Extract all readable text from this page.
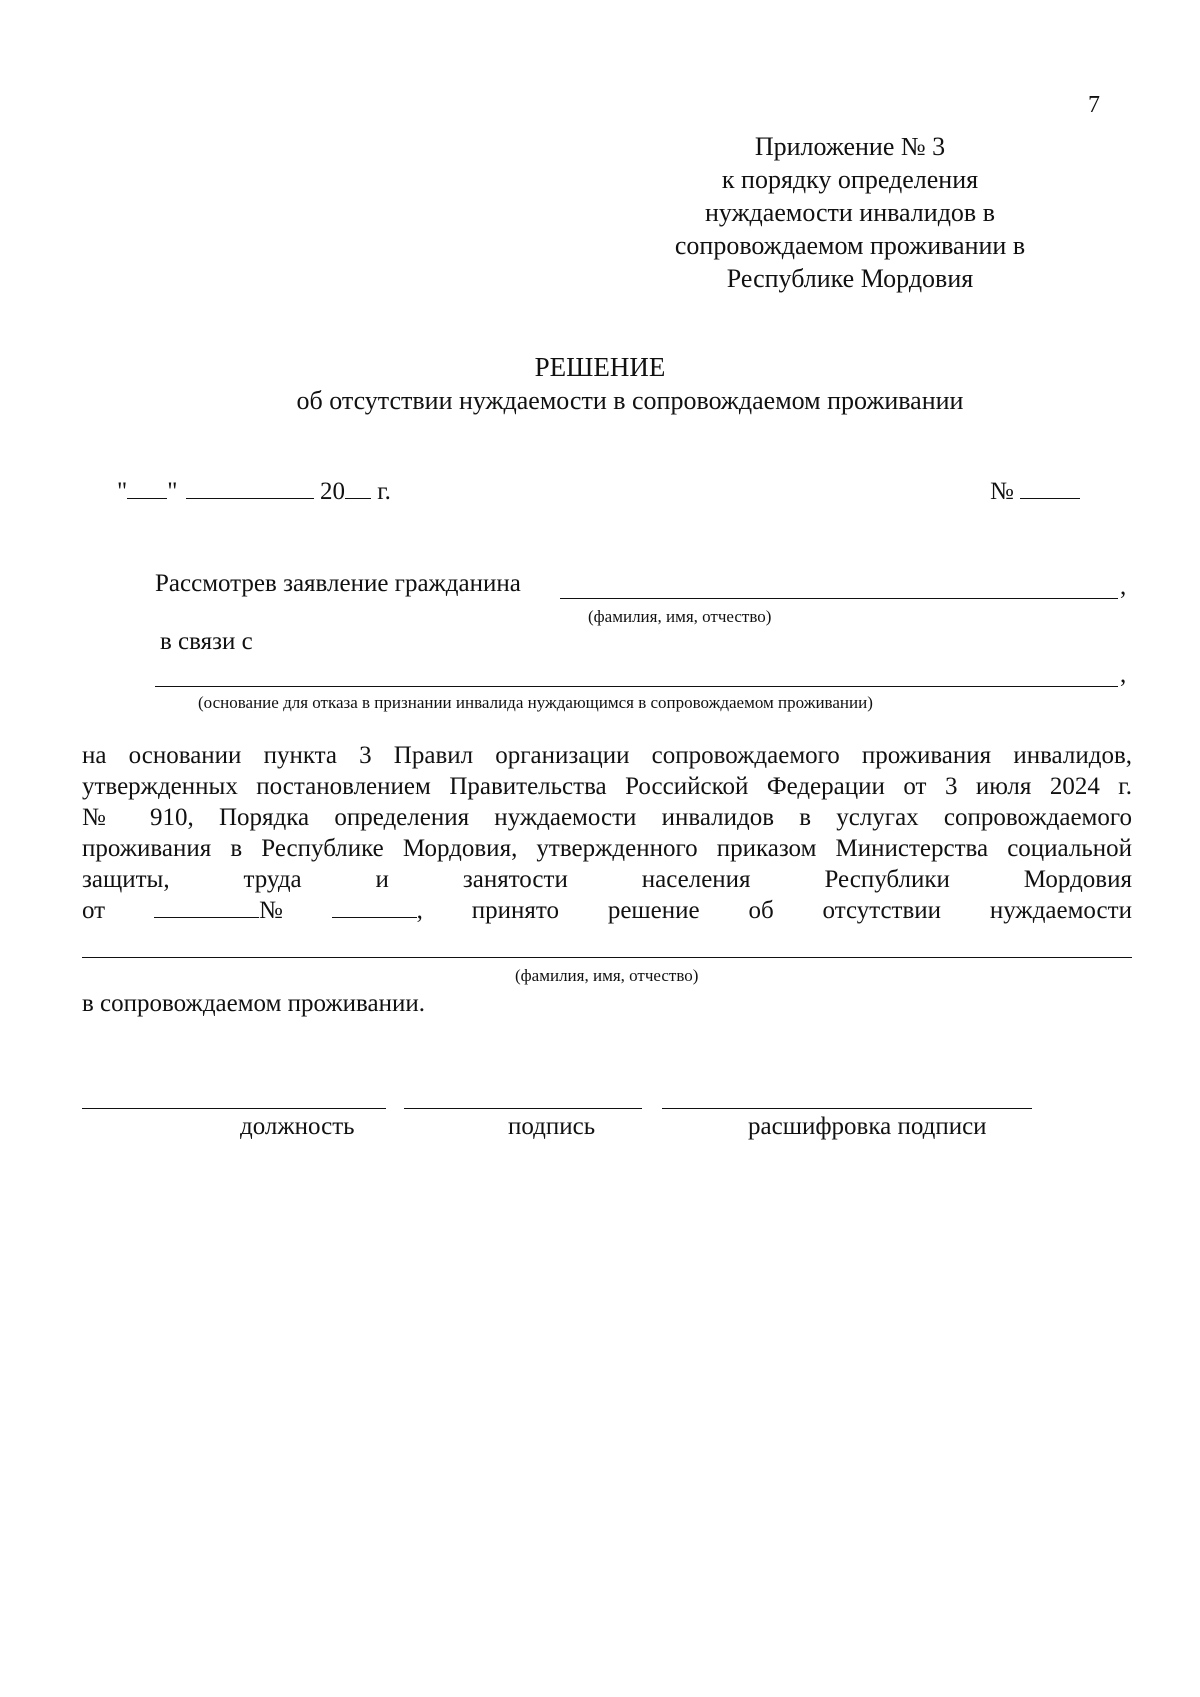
7
Приложение № 3
к порядку определения
нуждаемости инвалидов в
сопровождаемом проживании в
Республике Мордовия
РЕШЕНИЕ
об отсутствии нуждаемости в сопровождаемом проживании
" "	20 г.	№
Рассмотрев заявление гражданина	,
(фамилия, имя, отчество)
в связи с
,
(основание для отказа в признании инвалида нуждающимся в сопровождаемом проживании)
на основании пункта 3 Правил организации сопровождаемого проживания инвалидов,
утвержденных постановлением Правительства Российской Федерации от 3 июля 2024 г.
№ 910, Порядка определения нуждаемости инвалидов в услугах сопровождаемого
проживания в Республике Мордовия, утвержденного приказом Министерства социальной
защиты, труда и занятости населения Республики Мордовия
от	№	, принято решение об отсутствии нуждаемости
(фамилия, имя, отчество)
в сопровождаемом проживании.
должность	подпись	расшифровка подписи
